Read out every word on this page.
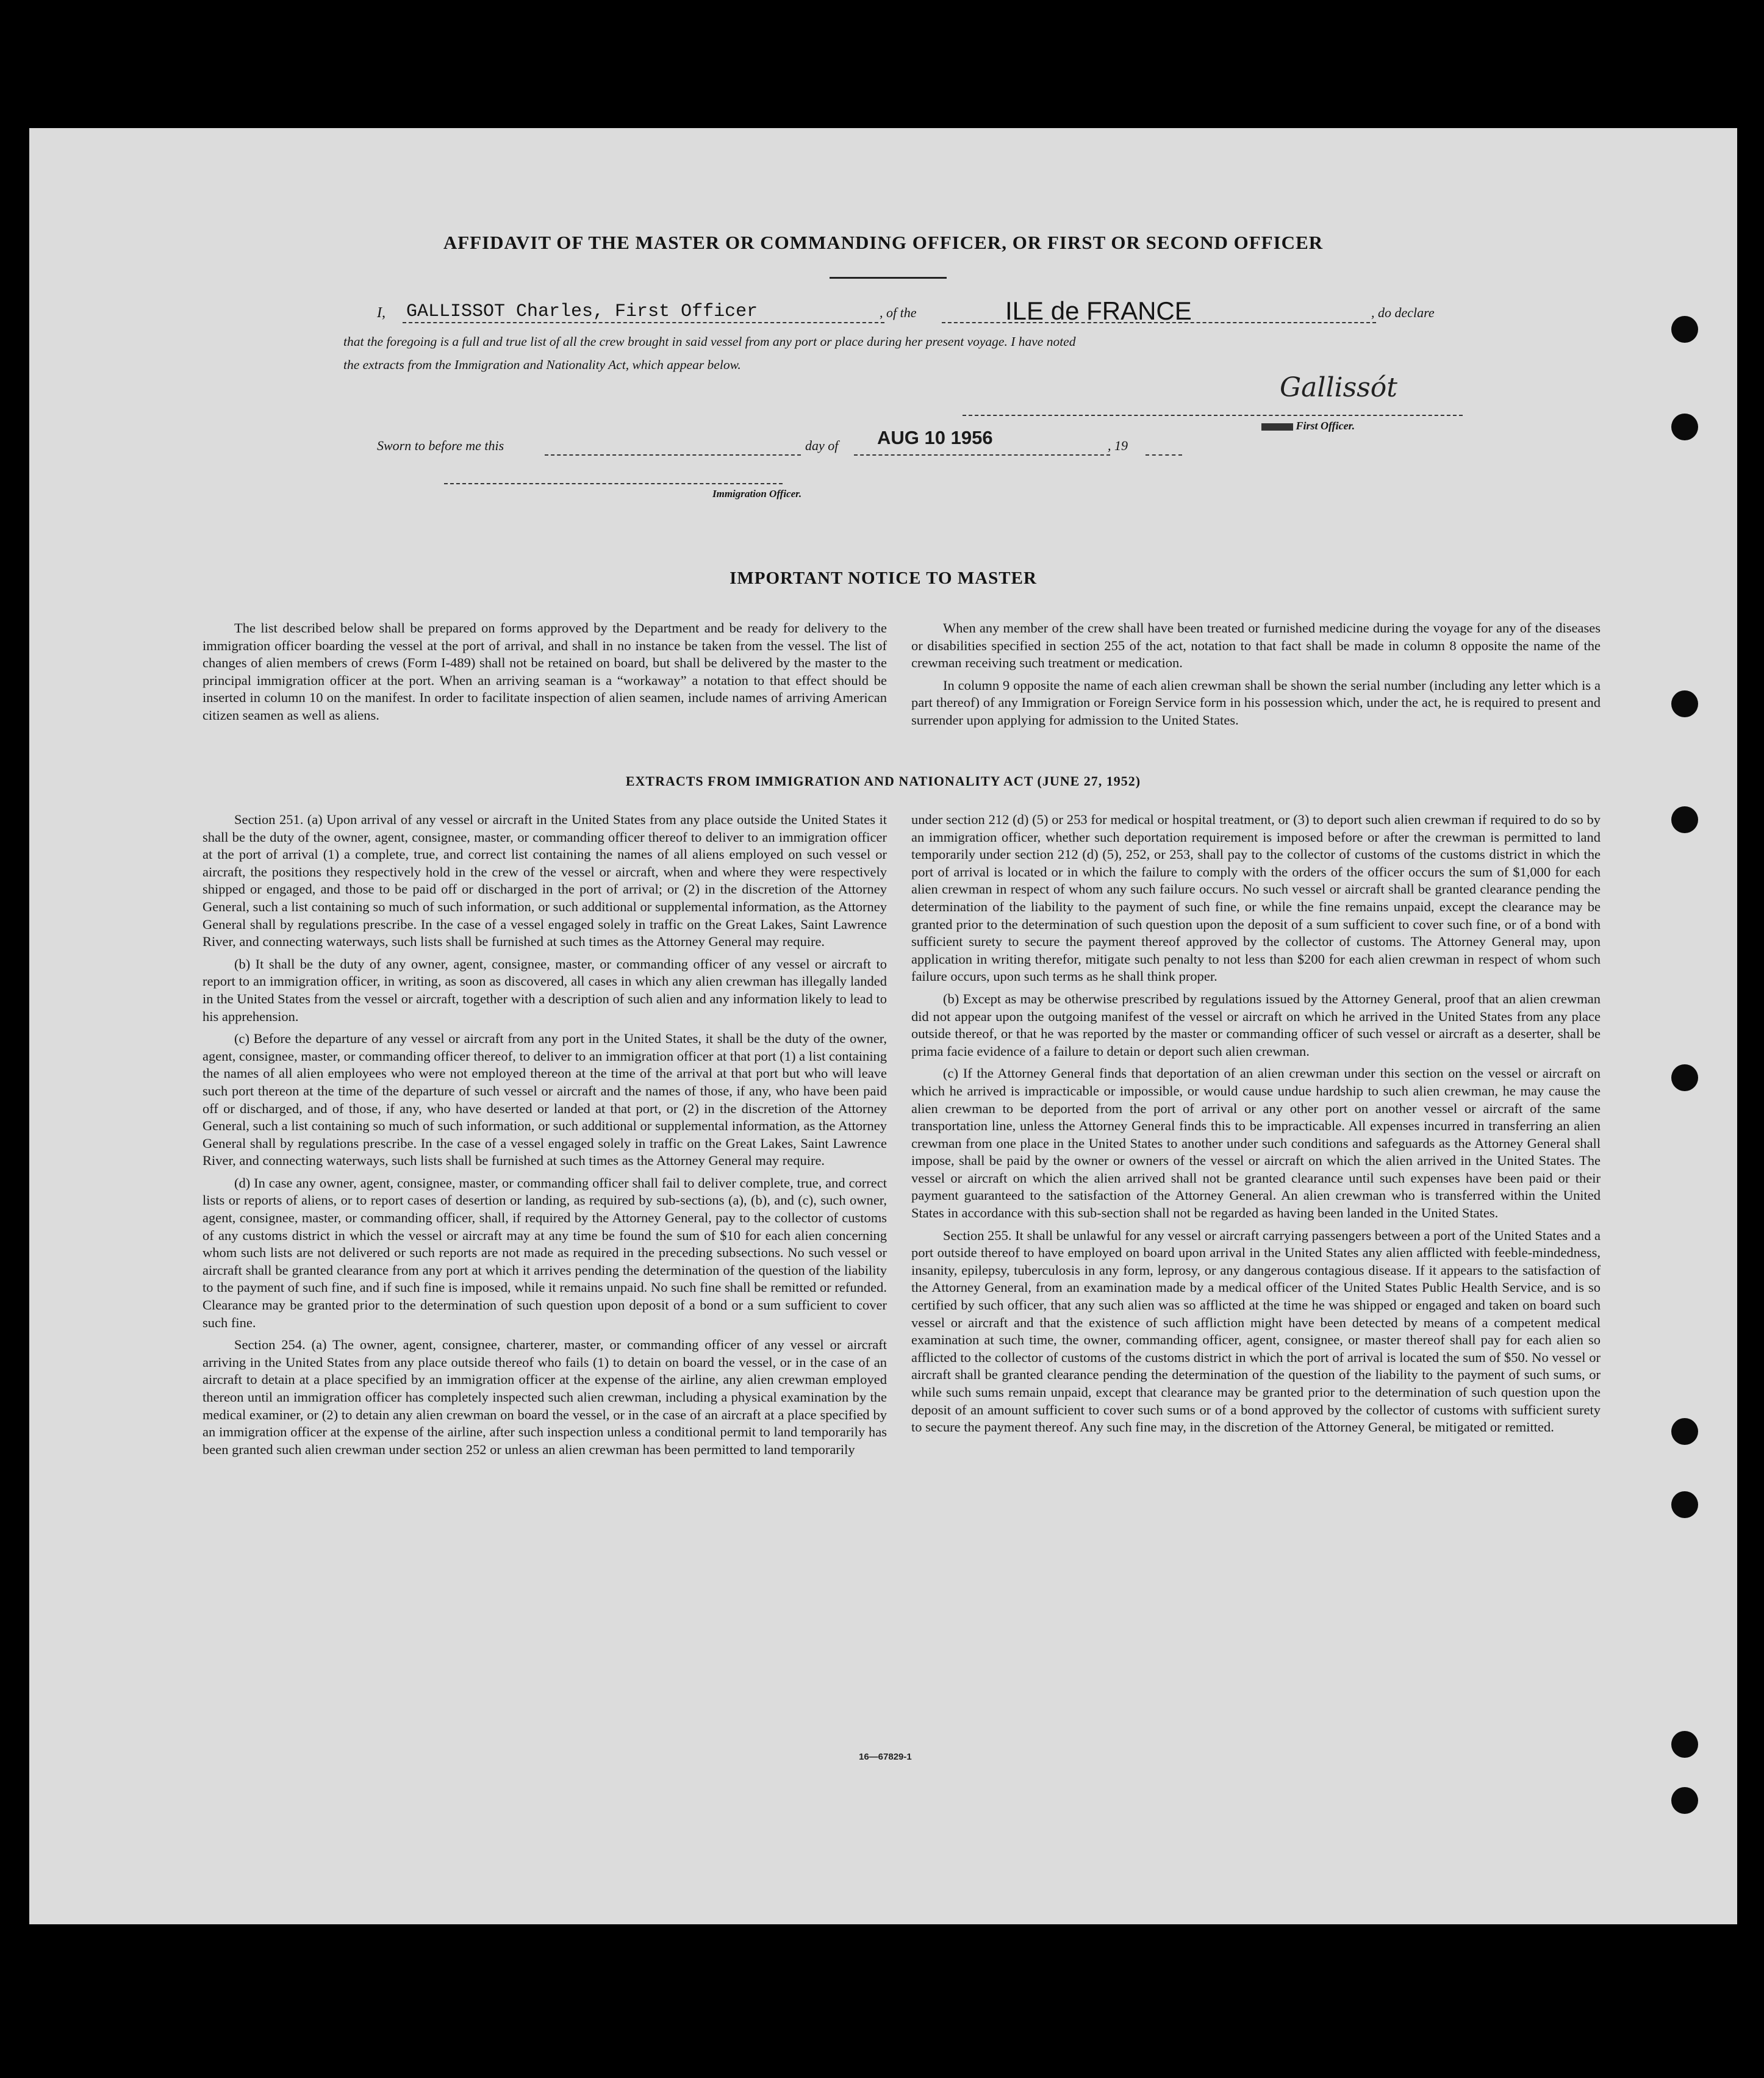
AFFIDAVIT OF THE MASTER OR COMMANDING OFFICER, OR FIRST OR SECOND OFFICER
I, GALLISSOT Charles, First Officer	, of the	ILE de FRANCE	, do declare
that the foregoing is a full and true list of all the crew brought in said vessel from any port or place during her present voyage. I have noted
the extracts from the Immigration and Nationality Act, which appear below.
Gallissót
First Officer.
Sworn to before me this	day of AUG 10 1956	, 19
Immigration Officer.
IMPORTANT NOTICE TO MASTER

The list described below shall be prepared on forms approved by the Department and be ready for delivery to the immigration officer boarding the vessel at the port of arrival, and shall in no instance be taken from the vessel. The list of changes of alien members of crews (Form I-489) shall not be retained on board, but shall be delivered by the master to the principal immigration officer at the port. When an arriving seaman is a “workaway” a notation to that effect should be inserted in column 10 on the manifest. In order to facilitate inspection of alien seamen, include names of arriving American citizen seamen as well as aliens.

When any member of the crew shall have been treated or furnished medicine during the voyage for any of the diseases or disabilities specified in section 255 of the act, notation to that fact shall be made in column 8 opposite the name of the crewman receiving such treatment or medication.

In column 9 opposite the name of each alien crewman shall be shown the serial number (including any letter which is a part thereof) of any Immigration or Foreign Service form in his possession which, under the act, he is required to present and surrender upon applying for admission to the United States.

EXTRACTS FROM IMMIGRATION AND NATIONALITY ACT (JUNE 27, 1952)

Section 251. (a) Upon arrival of any vessel or aircraft in the United States from any place outside the United States it shall be the duty of the owner, agent, consignee, master, or commanding officer thereof to deliver to an immigration officer at the port of arrival (1) a complete, true, and correct list containing the names of all aliens employed on such vessel or aircraft, the positions they respectively hold in the crew of the vessel or aircraft, when and where they were respectively shipped or engaged, and those to be paid off or discharged in the port of arrival; or (2) in the discretion of the Attorney General, such a list containing so much of such information, or such additional or supplemental information, as the Attorney General shall by regulations prescribe. In the case of a vessel engaged solely in traffic on the Great Lakes, Saint Lawrence River, and connecting waterways, such lists shall be furnished at such times as the Attorney General may require.

(b) It shall be the duty of any owner, agent, consignee, master, or commanding officer of any vessel or aircraft to report to an immigration officer, in writing, as soon as discovered, all cases in which any alien crewman has illegally landed in the United States from the vessel or aircraft, together with a description of such alien and any information likely to lead to his apprehension.

(c) Before the departure of any vessel or aircraft from any port in the United States, it shall be the duty of the owner, agent, consignee, master, or commanding officer thereof, to deliver to an immigration officer at that port (1) a list containing the names of all alien employees who were not employed thereon at the time of the arrival at that port but who will leave such port thereon at the time of the departure of such vessel or aircraft and the names of those, if any, who have been paid off or discharged, and of those, if any, who have deserted or landed at that port, or (2) in the discretion of the Attorney General, such a list containing so much of such information, or such additional or supplemental information, as the Attorney General shall by regulations prescribe. In the case of a vessel engaged solely in traffic on the Great Lakes, Saint Lawrence River, and connecting waterways, such lists shall be furnished at such times as the Attorney General may require.

(d) In case any owner, agent, consignee, master, or commanding officer shall fail to deliver complete, true, and correct lists or reports of aliens, or to report cases of desertion or landing, as required by sub-sections (a), (b), and (c), such owner, agent, consignee, master, or commanding officer, shall, if required by the Attorney General, pay to the collector of customs of any customs district in which the vessel or aircraft may at any time be found the sum of $10 for each alien concerning whom such lists are not delivered or such reports are not made as required in the preceding subsections. No such vessel or aircraft shall be granted clearance from any port at which it arrives pending the determination of the question of the liability to the payment of such fine, and if such fine is imposed, while it remains unpaid. No such fine shall be remitted or refunded. Clearance may be granted prior to the determination of such question upon deposit of a bond or a sum sufficient to cover such fine.

Section 254. (a) The owner, agent, consignee, charterer, master, or commanding officer of any vessel or aircraft arriving in the United States from any place outside thereof who fails (1) to detain on board the vessel, or in the case of an aircraft to detain at a place specified by an immigration officer at the expense of the airline, any alien crewman employed thereon until an immigration officer has completely inspected such alien crewman, including a physical examination by the medical examiner, or (2) to detain any alien crewman on board the vessel, or in the case of an aircraft at a place specified by an immigration officer at the expense of the airline, after such inspection unless a conditional permit to land temporarily has been granted such alien crewman under section 252 or unless an alien crewman has been permitted to land temporarily

under section 212 (d) (5) or 253 for medical or hospital treatment, or (3) to deport such alien crewman if required to do so by an immigration officer, whether such deportation requirement is imposed before or after the crewman is permitted to land temporarily under section 212 (d) (5), 252, or 253, shall pay to the collector of customs of the customs district in which the port of arrival is located or in which the failure to comply with the orders of the officer occurs the sum of $1,000 for each alien crewman in respect of whom any such failure occurs. No such vessel or aircraft shall be granted clearance pending the determination of the liability to the payment of such fine, or while the fine remains unpaid, except the clearance may be granted prior to the determination of such question upon the deposit of a sum sufficient to cover such fine, or of a bond with sufficient surety to secure the payment thereof approved by the collector of customs. The Attorney General may, upon application in writing therefor, mitigate such penalty to not less than $200 for each alien crewman in respect of whom such failure occurs, upon such terms as he shall think proper.

(b) Except as may be otherwise prescribed by regulations issued by the Attorney General, proof that an alien crewman did not appear upon the outgoing manifest of the vessel or aircraft on which he arrived in the United States from any place outside thereof, or that he was reported by the master or commanding officer of such vessel or aircraft as a deserter, shall be prima facie evidence of a failure to detain or deport such alien crewman.

(c) If the Attorney General finds that deportation of an alien crewman under this section on the vessel or aircraft on which he arrived is impracticable or impossible, or would cause undue hardship to such alien crewman, he may cause the alien crewman to be deported from the port of arrival or any other port on another vessel or aircraft of the same transportation line, unless the Attorney General finds this to be impracticable. All expenses incurred in transferring an alien crewman from one place in the United States to another under such conditions and safeguards as the Attorney General shall impose, shall be paid by the owner or owners of the vessel or aircraft on which the alien arrived in the United States. The vessel or aircraft on which the alien arrived shall not be granted clearance until such expenses have been paid or their payment guaranteed to the satisfaction of the Attorney General. An alien crewman who is transferred within the United States in accordance with this sub-section shall not be regarded as having been landed in the United States.

Section 255. It shall be unlawful for any vessel or aircraft carrying passengers between a port of the United States and a port outside thereof to have employed on board upon arrival in the United States any alien afflicted with feeble-mindedness, insanity, epilepsy, tuberculosis in any form, leprosy, or any dangerous contagious disease. If it appears to the satisfaction of the Attorney General, from an examination made by a medical officer of the United States Public Health Service, and is so certified by such officer, that any such alien was so afflicted at the time he was shipped or engaged and taken on board such vessel or aircraft and that the existence of such affliction might have been detected by means of a competent medical examination at such time, the owner, commanding officer, agent, consignee, or master thereof shall pay for each alien so afflicted to the collector of customs of the customs district in which the port of arrival is located the sum of $50. No vessel or aircraft shall be granted clearance pending the determination of the question of the liability to the payment of such sums, or while such sums remain unpaid, except that clearance may be granted prior to the determination of such question upon the deposit of an amount sufficient to cover such sums or of a bond approved by the collector of customs with sufficient surety to secure the payment thereof. Any such fine may, in the discretion of the Attorney General, be mitigated or remitted.

16—67829-1
